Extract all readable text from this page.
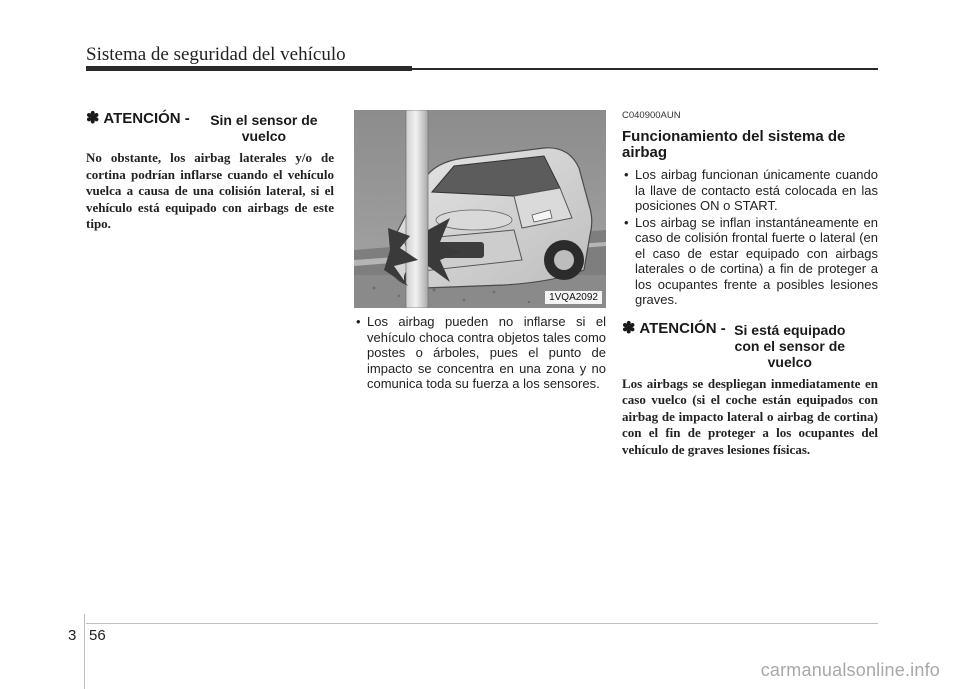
Sistema de seguridad del vehículo
✽ ATENCIÓN -	Sin el sensor de vuelco

No obstante, los airbag laterales y/o de cortina podrían inflarse cuando el vehículo vuelca a causa de una colisión lateral, si el vehículo está equipado con airbags de este tipo.

1VQA2092
• Los airbag pueden no inflarse si el vehículo choca contra objetos tales como postes o árboles, pues el punto de impacto se concentra en una zona y no comunica toda su fuerza a los sensores.
C040900AUN
Funcionamiento del sistema de airbag
• Los airbag funcionan únicamente cuando la llave de contacto está colocada en las posiciones ON o START.
• Los airbag se inflan instantáneamente en caso de colisión frontal fuerte o lateral (en el caso de estar equipado con airbags laterales o de cortina) a fin de proteger a los ocupantes frente a posibles lesiones graves.
✽ ATENCIÓN - Si está equipado con el sensor de vuelco

Los airbags se despliegan inmediatamente en caso vuelco (si el coche están equipados con airbag de impacto lateral o airbag de cortina) con el fin de proteger a los ocupantes del vehículo de graves lesiones físicas.

3 56
carmanualsonline.info
